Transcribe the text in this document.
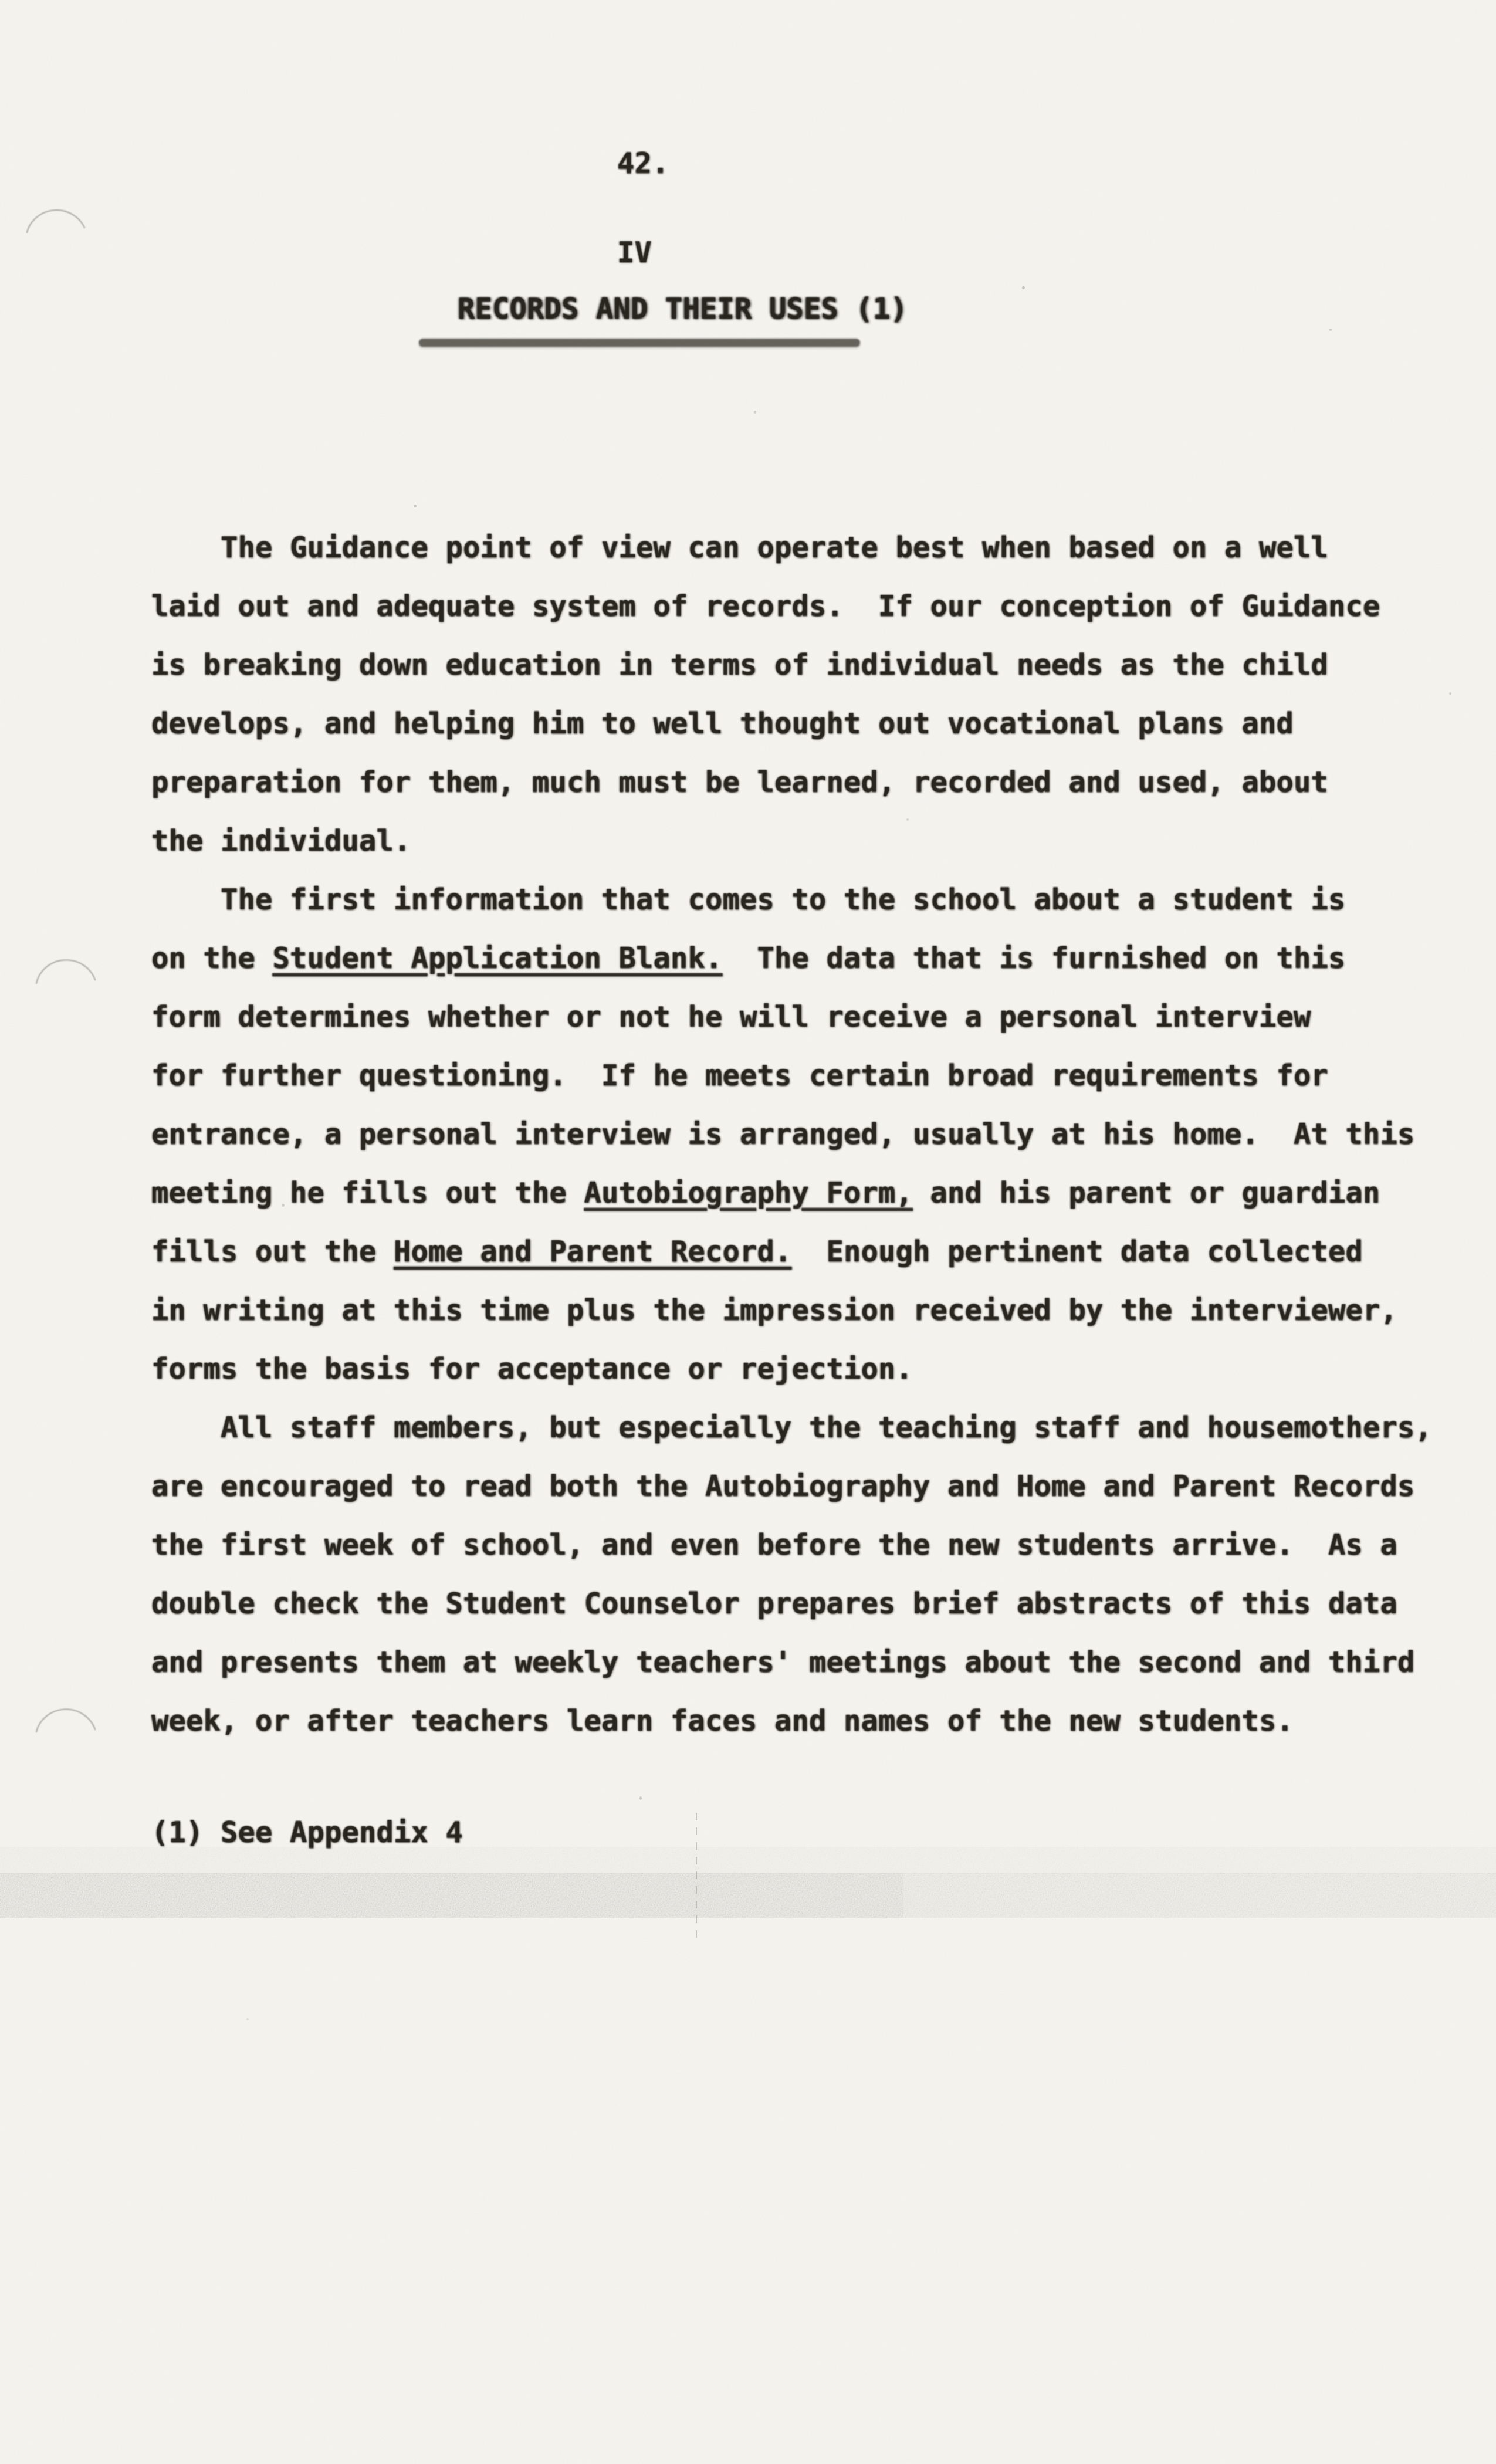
42.
IV
RECORDS AND THEIR USES (1)
The Guidance point of view can operate best when based on a well
laid out and adequate system of records.  If our conception of Guidance
is breaking down education in terms of individual needs as the child
develops, and helping him to well thought out vocational plans and
preparation for them, much must be learned, recorded and used, about
the individual.
The first information that comes to the school about a student is
on the Student Application Blank.  The data that is furnished on this
form determines whether or not he will receive a personal interview
for further questioning.  If he meets certain broad requirements for
entrance, a personal interview is arranged, usually at his home.  At this
meeting he fills out the Autobiography Form, and his parent or guardian
fills out the Home and Parent Record.  Enough pertinent data collected
in writing at this time plus the impression received by the interviewer,
forms the basis for acceptance or rejection.
All staff members, but especially the teaching staff and housemothers,
are encouraged to read both the Autobiography and Home and Parent Records
the first week of school, and even before the new students arrive.  As a
double check the Student Counselor prepares brief abstracts of this data
and presents them at weekly teachers' meetings about the second and third
week, or after teachers learn faces and names of the new students.
(1) See Appendix 4
